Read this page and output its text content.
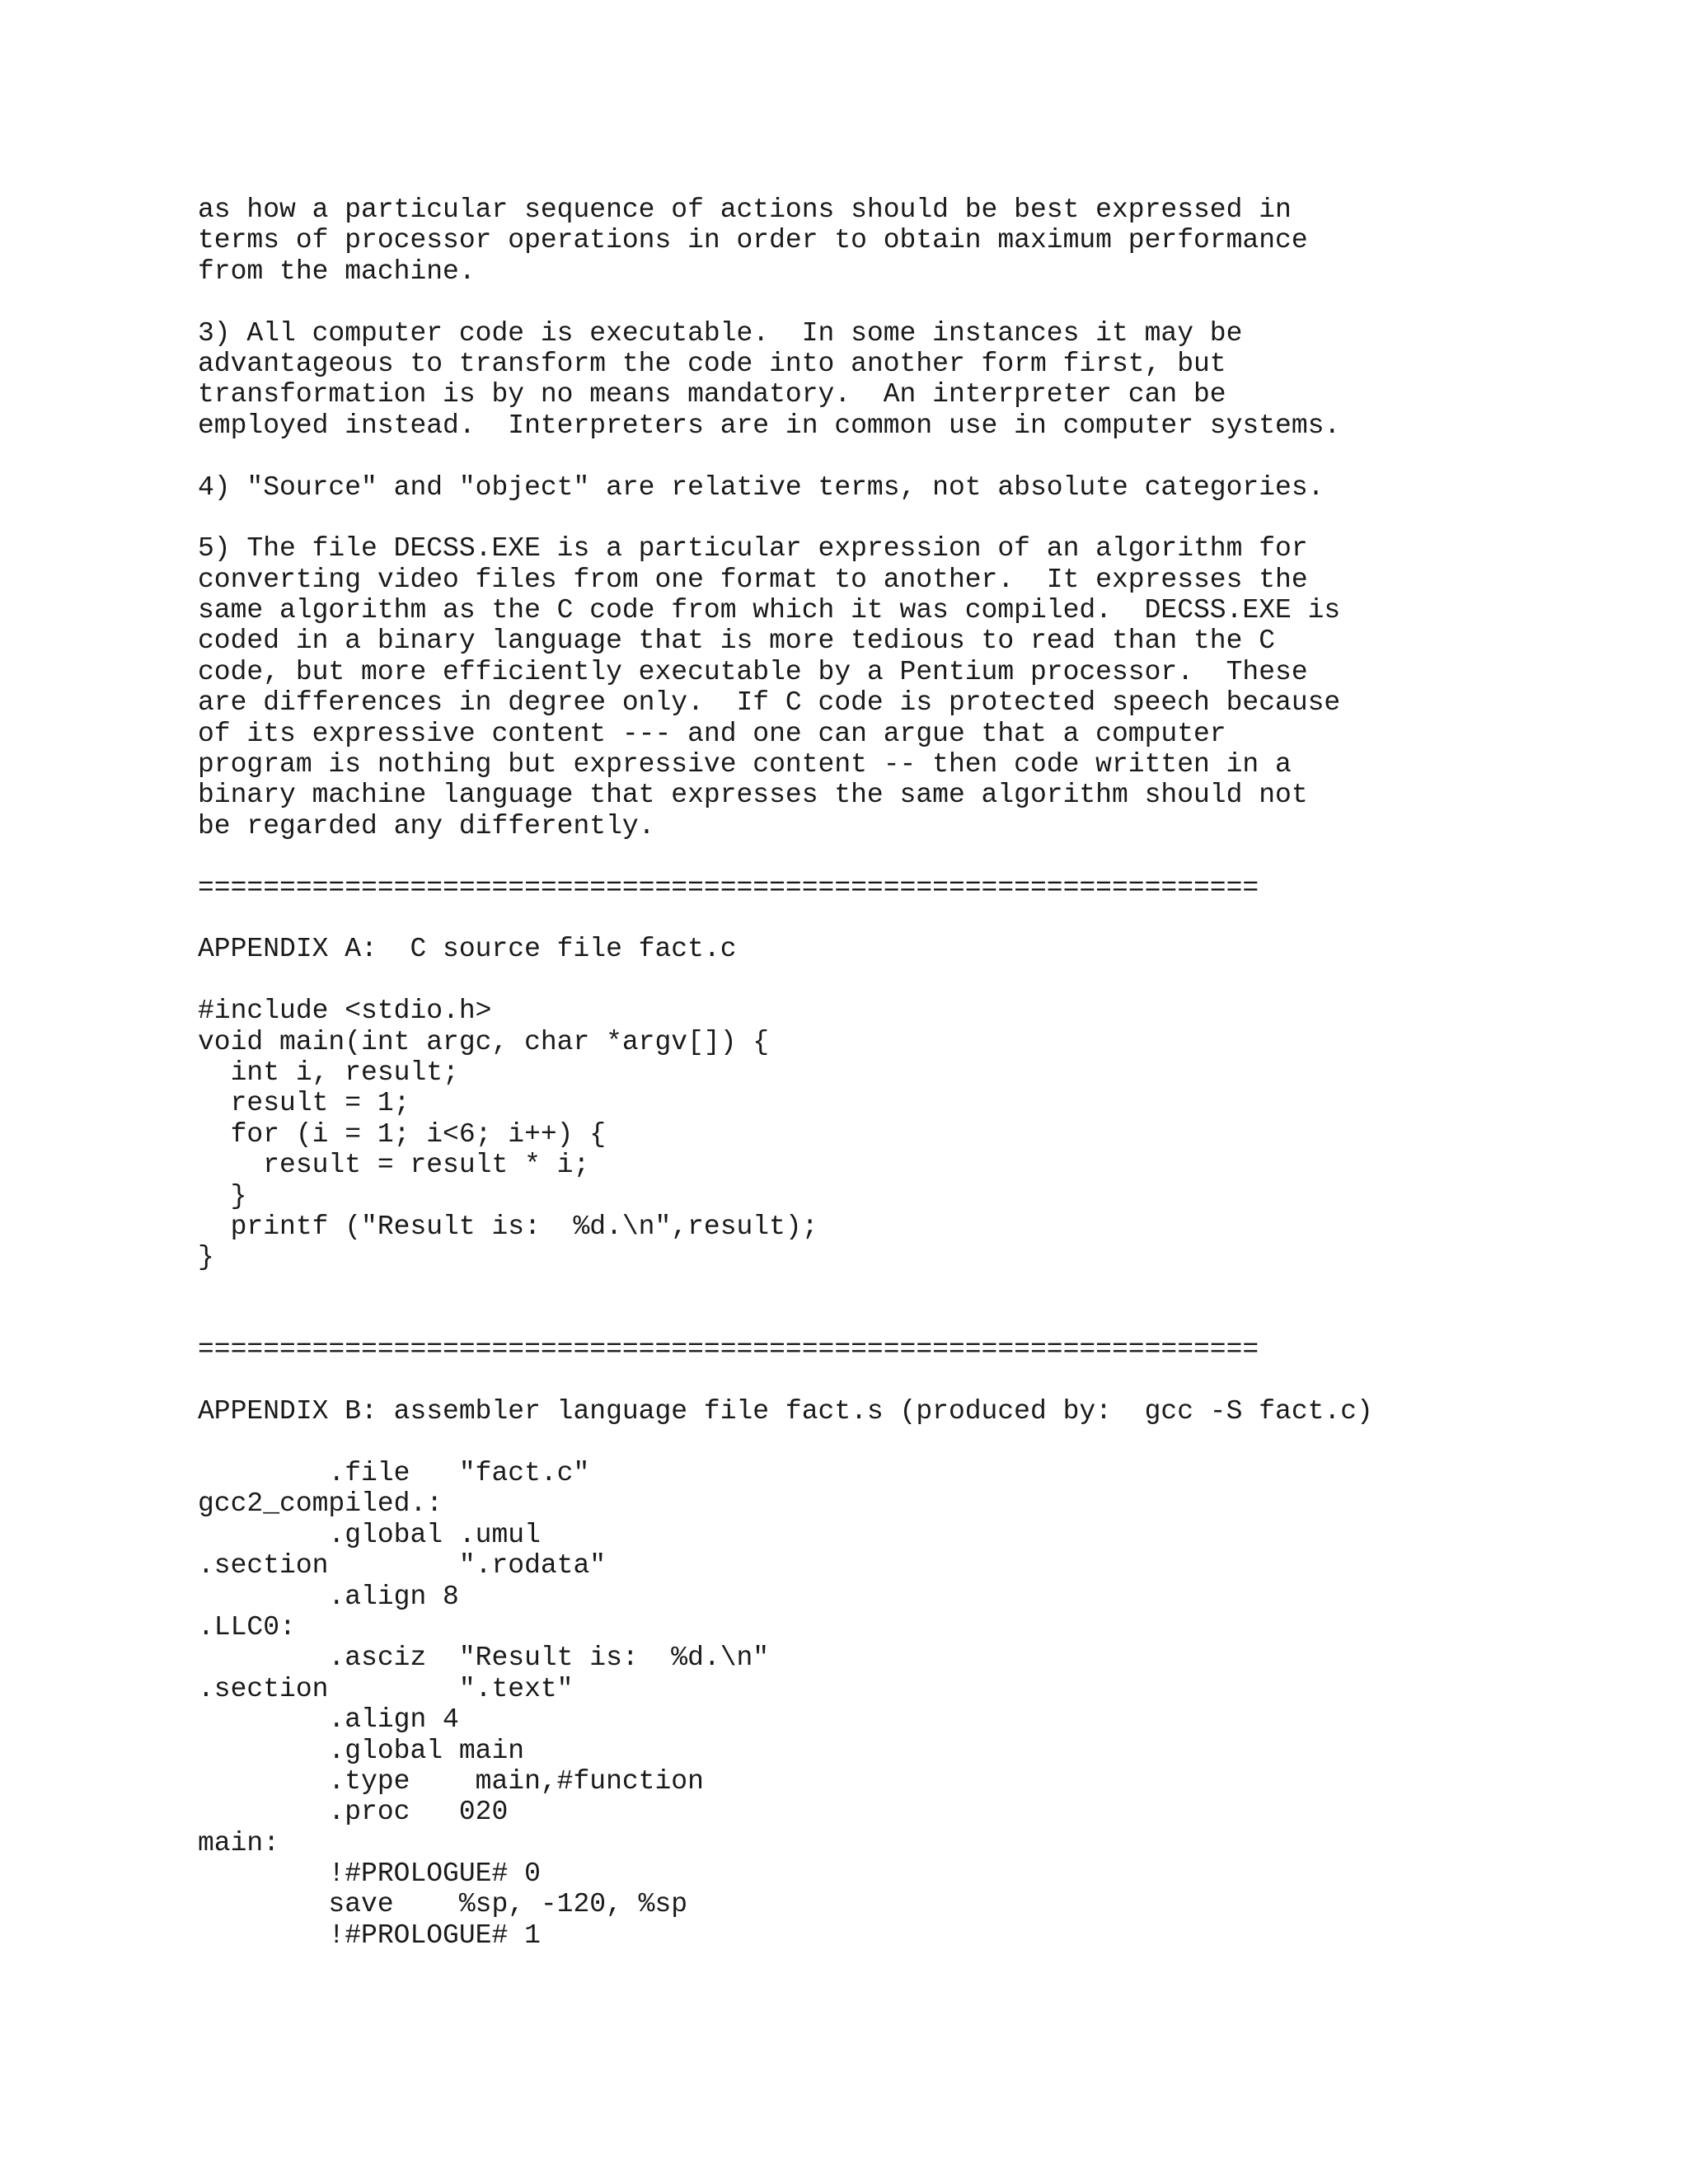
as how a particular sequence of actions should be best expressed in
terms of processor operations in order to obtain maximum performance
from the machine.
3) All computer code is executable.  In some instances it may be
advantageous to transform the code into another form first, but
transformation is by no means mandatory.  An interpreter can be
employed instead.  Interpreters are in common use in computer systems.
4) "Source" and "object" are relative terms, not absolute categories.
5) The file DECSS.EXE is a particular expression of an algorithm for
converting video files from one format to another.  It expresses the
same algorithm as the C code from which it was compiled.  DECSS.EXE is
coded in a binary language that is more tedious to read than the C
code, but more efficiently executable by a Pentium processor.  These
are differences in degree only.  If C code is protected speech because
of its expressive content --- and one can argue that a computer
program is nothing but expressive content -- then code written in a
binary machine language that expresses the same algorithm should not
be regarded any differently.
=================================================================
APPENDIX A:  C source file fact.c
#include <stdio.h>
void main(int argc, char *argv[]) {
int i, result;
result = 1;
for (i = 1; i<6; i++) {
result = result * i;
}
printf ("Result is:  %d.\n",result);
}
=================================================================
APPENDIX B: assembler language file fact.s (produced by:  gcc -S fact.c)
.file   "fact.c"
gcc2_compiled.:
.global .umul
.section        ".rodata"
.align 8
.LLC0:
.asciz  "Result is:  %d.\n"
.section        ".text"
.align 4
.global main
.type    main,#function
.proc   020
main:
!#PROLOGUE# 0
save    %sp, -120, %sp
!#PROLOGUE# 1
